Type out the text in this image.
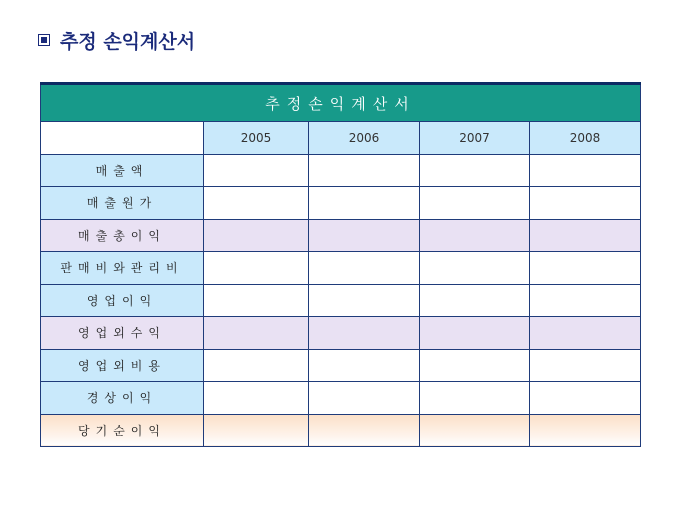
추정 손익계산서
추정손익계산서				
	2005	2006	2007	2008
매출액				
매출원가				
매출총이익				
판매비와관리비				
영업이익				
영업외수익				
영업외비용				
경상이익				
당기순이익				
